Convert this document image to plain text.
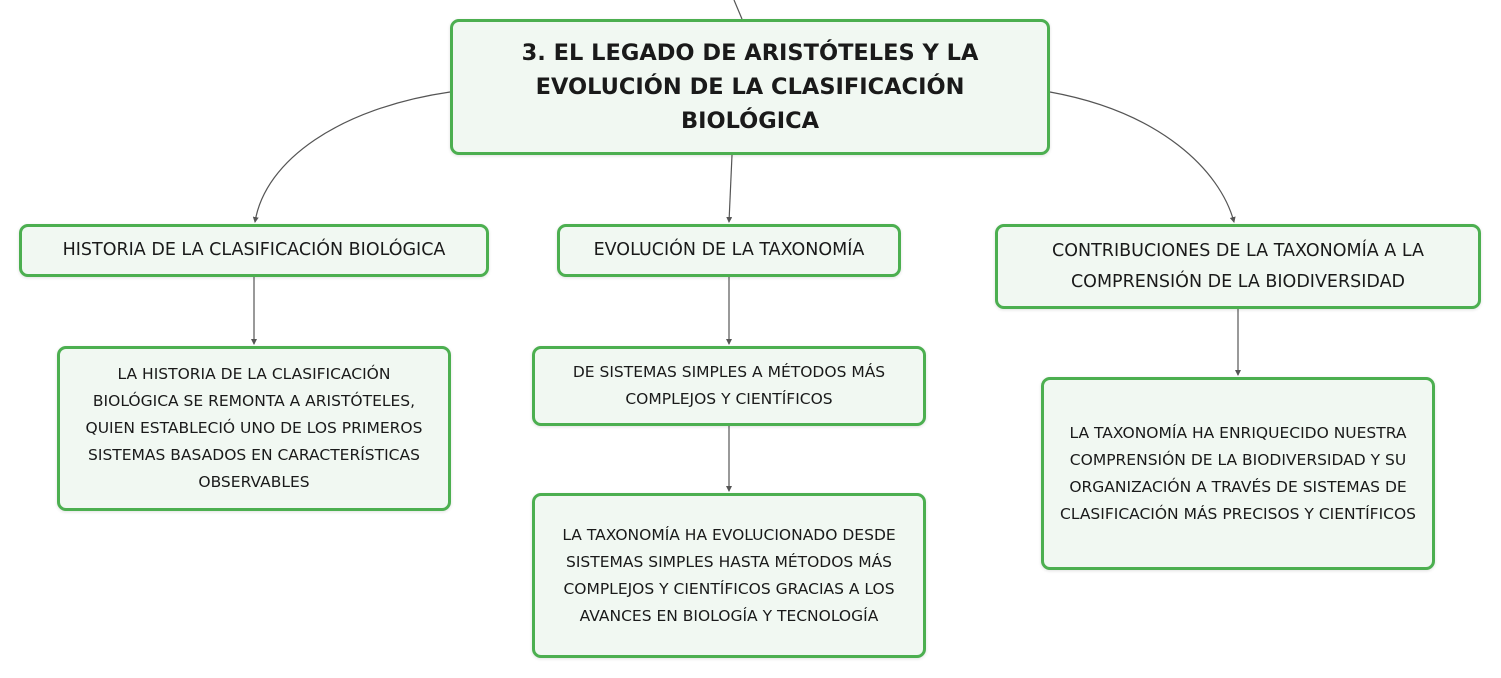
3. EL LEGADO DE ARISTÓTELES Y LA EVOLUCIÓN DE LA CLASIFICACIÓN BIOLÓGICA
HISTORIA DE LA CLASIFICACIÓN BIOLÓGICA	EVOLUCIÓN DE LA TAXONOMÍA	CONTRIBUCIONES DE LA TAXONOMÍA A LA COMPRENSIÓN DE LA BIODIVERSIDAD
LA HISTORIA DE LA CLASIFICACIÓN BIOLÓGICA SE REMONTA A ARISTÓTELES, QUIEN ESTABLECIÓ UNO DE LOS PRIMEROS SISTEMAS BASADOS EN CARACTERÍSTICAS OBSERVABLES
DE SISTEMAS SIMPLES A MÉTODOS MÁS COMPLEJOS Y CIENTÍFICOS
LA TAXONOMÍA HA EVOLUCIONADO DESDE SISTEMAS SIMPLES HASTA MÉTODOS MÁS COMPLEJOS Y CIENTÍFICOS GRACIAS A LOS AVANCES EN BIOLOGÍA Y TECNOLOGÍA
LA TAXONOMÍA HA ENRIQUECIDO NUESTRA COMPRENSIÓN DE LA BIODIVERSIDAD Y SU ORGANIZACIÓN A TRAVÉS DE SISTEMAS DE CLASIFICACIÓN MÁS PRECISOS Y CIENTÍFICOS
